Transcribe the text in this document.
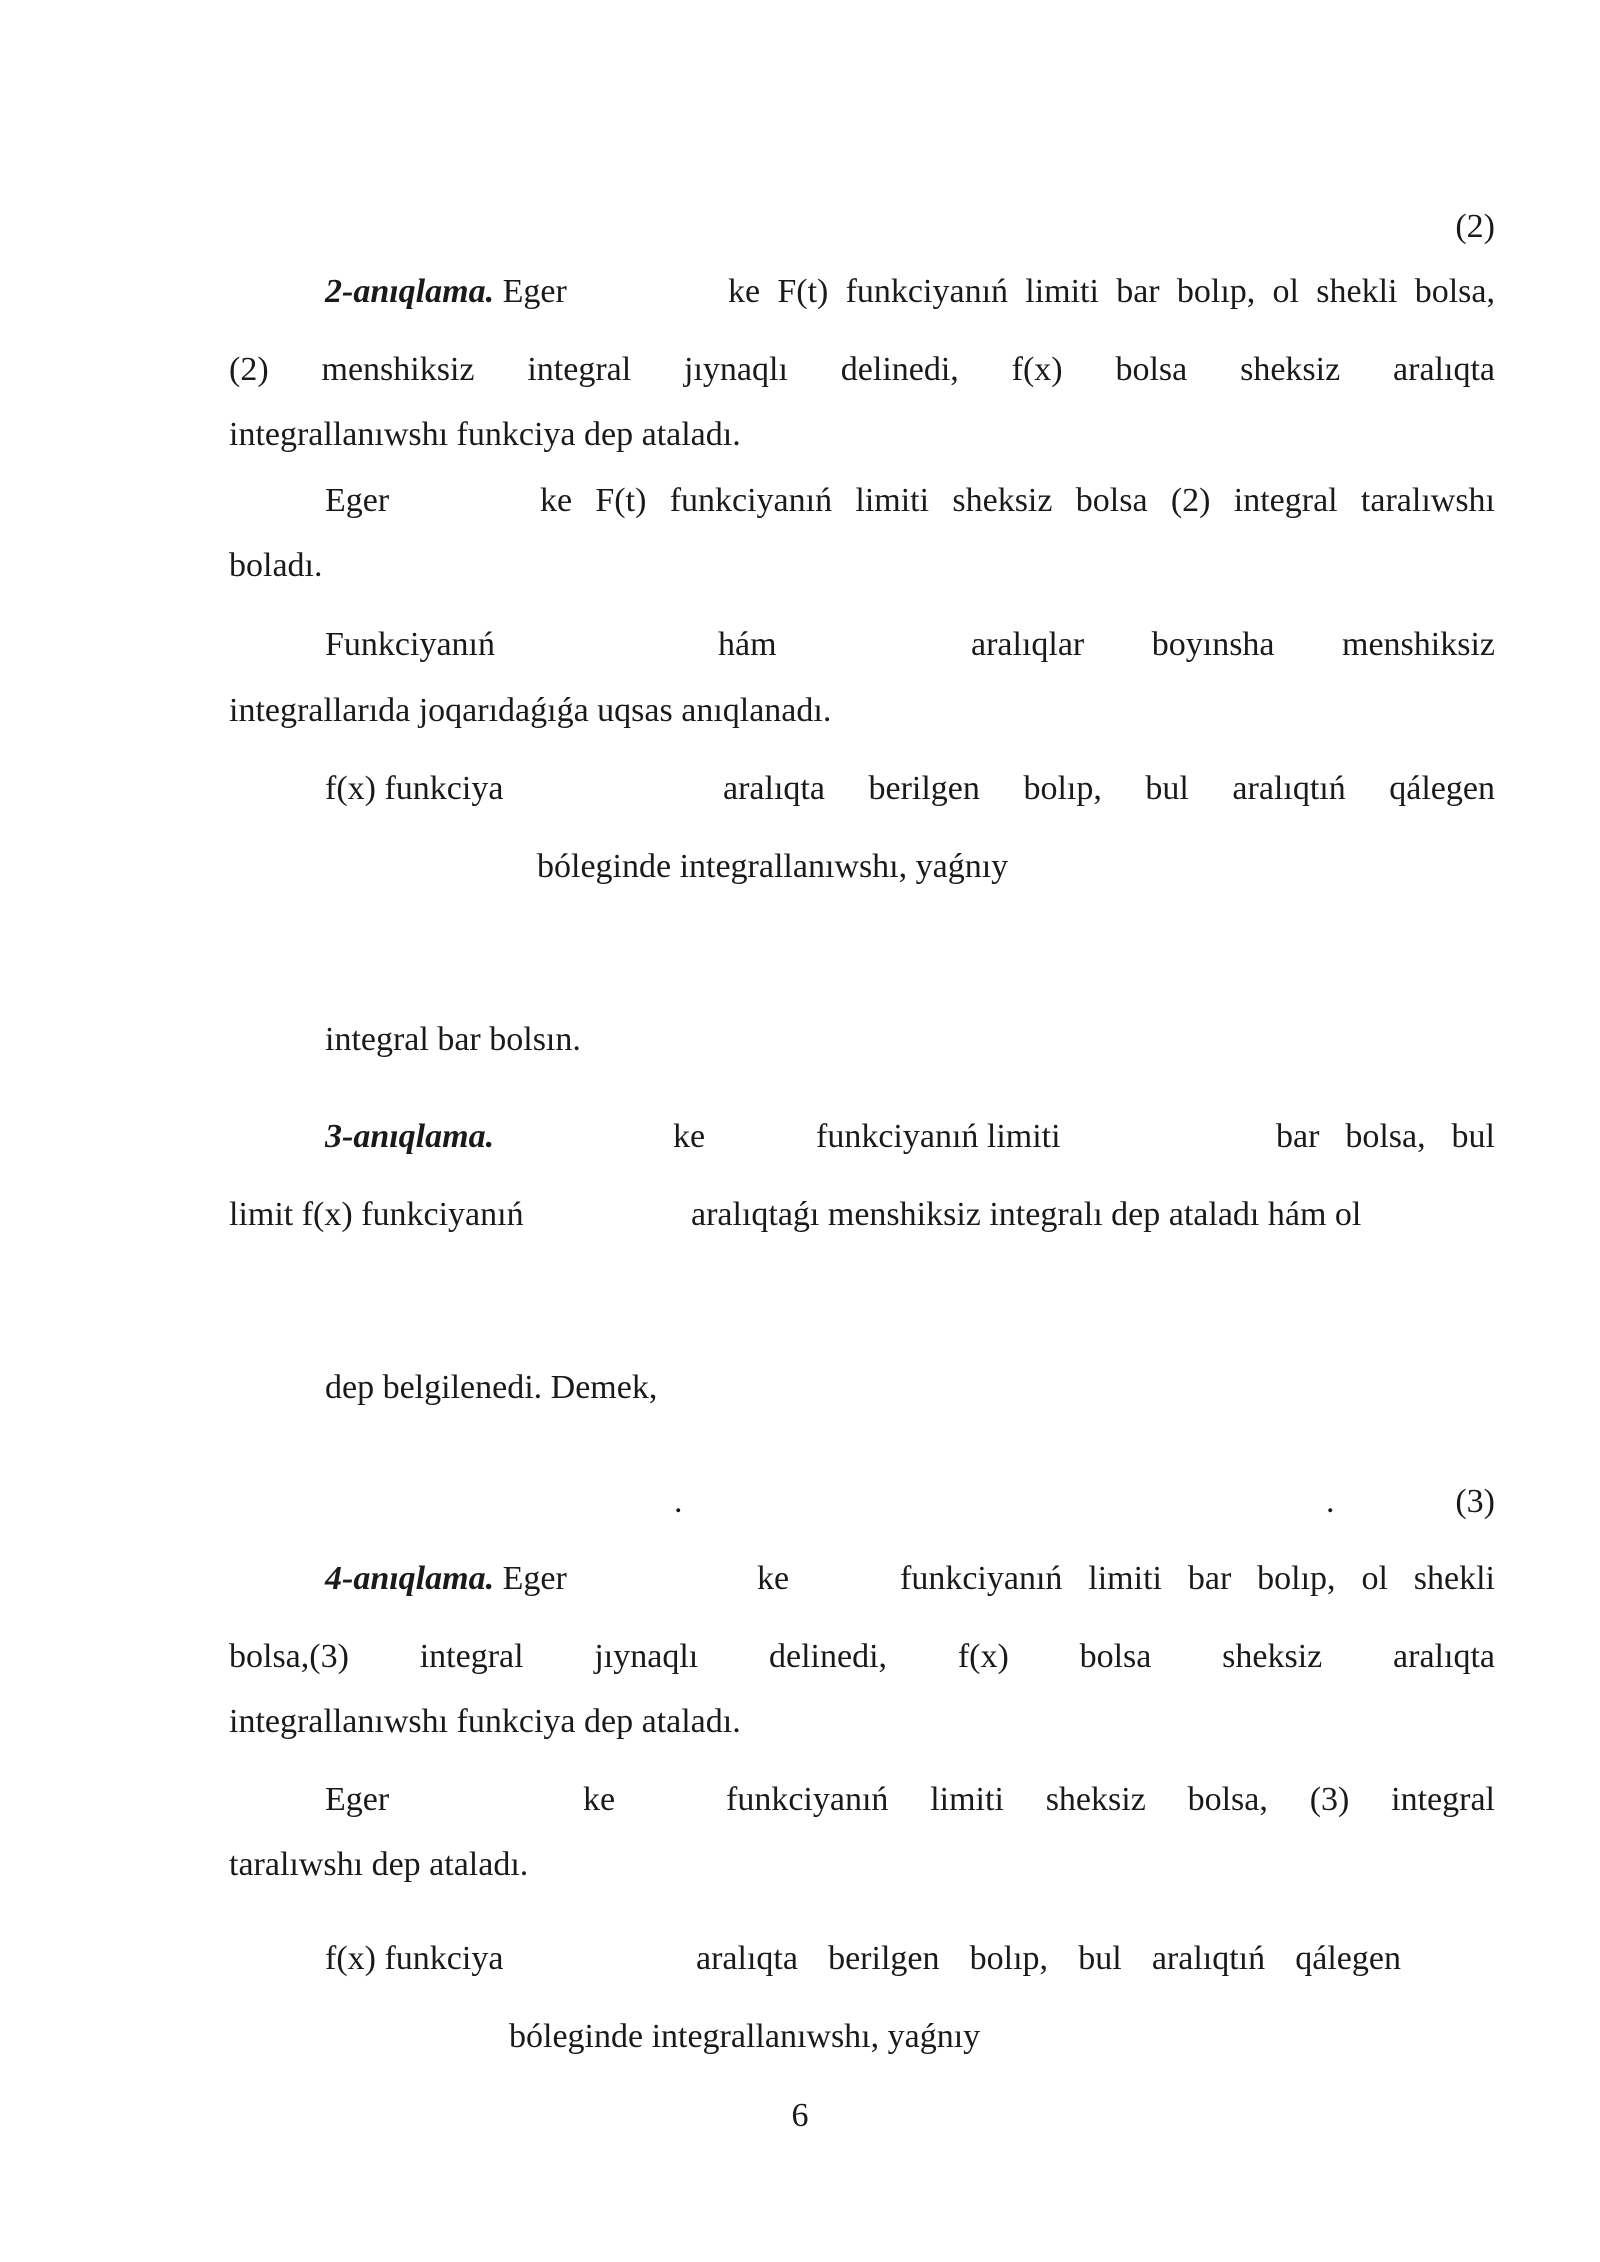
(2)
2-anıqlama. Eger	ke F(t) funkciyanıń limiti bar bolıp, ol shekli bolsa,
(2) menshiksiz integral jıynaqlı delinedi, f(x) bolsa sheksiz aralıqta
integrallanıwshı funkciya dep ataladı.
Eger	ke F(t) funkciyanıń limiti sheksiz bolsa (2) integral taralıwshı
boladı.
Funkciyanıń	hám	aralıqlar boyınsha menshiksiz
integrallarıda joqarıdaǵıǵa uqsas anıqlanadı.
f(x) funkciya	aralıqta berilgen bolıp, bul aralıqtıń qálegen
bóleginde integrallanıwshı, yaǵnıy
integral bar bolsın.
3-anıqlama.	ke	funkciyanıń limiti	bar bolsa, bul
limit f(x) funkciyanıń	aralıqtaǵı menshiksiz integralı dep ataladı hám ol
dep belgilenedi. Demek,
.	.	(3)
4-anıqlama. Eger	ke	funkciyanıń limiti bar bolıp, ol shekli
bolsa,(3) integral jıynaqlı delinedi, f(x) bolsa sheksiz aralıqta
integrallanıwshı funkciya dep ataladı.
Eger	ke	funkciyanıń limiti sheksiz bolsa, (3) integral
taralıwshı dep ataladı.
f(x) funkciya	aralıqta berilgen bolıp, bul aralıqtıń qálegen
bóleginde integrallanıwshı, yaǵnıy
6
